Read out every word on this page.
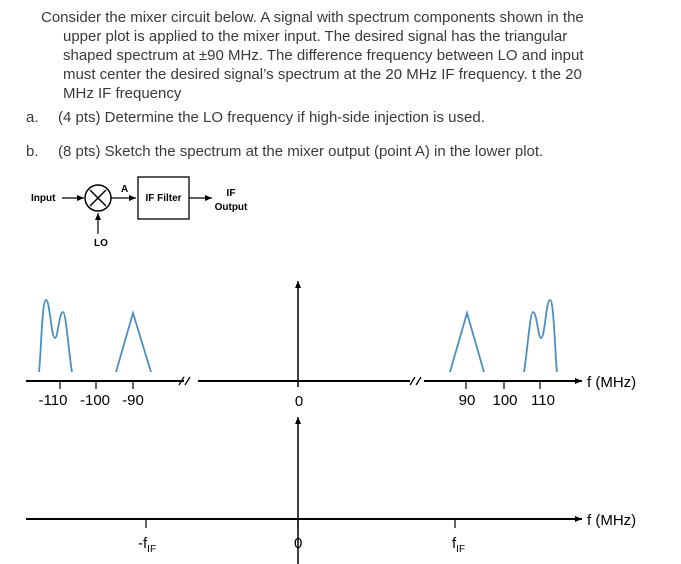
Consider the mixer circuit below. A signal with spectrum components shown in the
upper plot is applied to the mixer input. The desired signal has the triangular
shaped spectrum at ±90 MHz. The difference frequency between LO and input
must center the desired signal’s spectrum at the 20 MHz IF frequency. t the 20
MHz IF frequency
a. (4 pts) Determine the LO frequency if high-side injection is used.
b. (8 pts) Sketch the spectrum at the mixer output (point A) in the lower plot.
Input
A
IF Filter	IF
Output
LO
-110 -100 -90	0	90 100 110
f (MHz)
$-f_{IF}$	0	$f_{IF}$
f (MHz)
